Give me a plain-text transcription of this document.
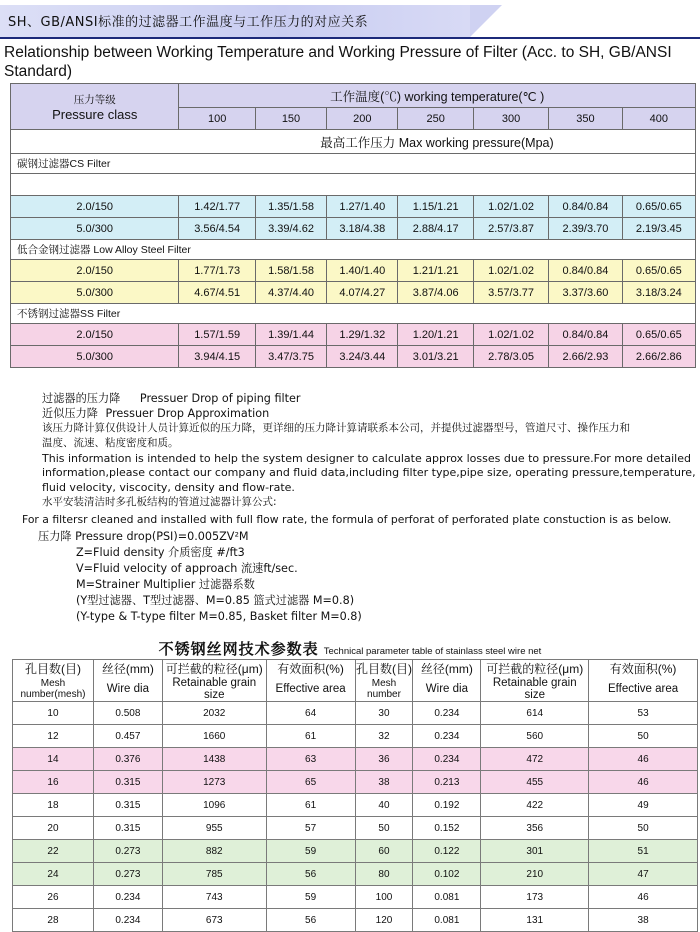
SH、GB/ANSI标准的过滤器工作温度与工作压力的对应关系
Relationship between Working Temperature and Working Pressure of Filter (Acc. to SH, GB/ANSI Standard)
压力等级
Pressure class	工作温度(℃) working temperature(℃ )						
	100	150	200	250	300	350	400
	最高工作压力 Max working pressure(Mpa)						
碳钢过滤器CS Filter							

2.0/150	1.42/1.77	1.35/1.58	1.27/1.40	1.15/1.21	1.02/1.02	0.84/0.84	0.65/0.65
5.0/300	3.56/4.54	3.39/4.62	3.18/4.38	2.88/4.17	2.57/3.87	2.39/3.70	2.19/3.45
低合金钢过滤器 Low Alloy Steel Filter							
2.0/150	1.77/1.73	1.58/1.58	1.40/1.40	1.21/1.21	1.02/1.02	0.84/0.84	0.65/0.65
5.0/300	4.67/4.51	4.37/4.40	4.07/4.27	3.87/4.06	3.57/3.77	3.37/3.60	3.18/3.24
不锈钢过滤器SS Filter							
2.0/150	1.57/1.59	1.39/1.44	1.29/1.32	1.20/1.21	1.02/1.02	0.84/0.84	0.65/0.65
5.0/300	3.94/4.15	3.47/3.75	3.24/3.44	3.01/3.21	2.78/3.05	2.66/2.93	2.66/2.86
过滤器的压力降 Pressuer Drop of piping filter
近似压力降 Pressuer Drop Approximation
该压力降计算仅供设计人员计算近似的压力降，更详细的压力降计算请联系本公司，并提供过滤器型号，管道尺寸、操作压力和
温度、流速、粘度密度和质。
This information is intended to help the system designer to calculate approx losses due to pressure.For more detailed
information,please contact our company and fluid data,including filter type,pipe size, operating pressure,temperature,
fluid velocity, viscocity, density and flow-rate.
水平安装清洁时多孔板结构的管道过滤器计算公式:
For a filtersr cleaned and installed with full flow rate, the formula of perforat of perforated plate constuction is as below.
压力降 Pressure drop(PSI)=0.005ZV²M
Z=Fluid density 介质密度 #/ft3
V=Fluid velocity of approach 流速ft/sec.
M=Strainer Multiplier 过滤器系数
(Y型过滤器、T型过滤器、M=0.85 篮式过滤器 M=0.8)
(Y-type & T-type filter M=0.85, Basket filter M=0.8)
不锈钢丝网技术参数表 Technical parameter table of stainlass steel wire net
孔目数(目)	丝径(mm)	可拦截的粒径(μm)	有效面积(%)	孔目数(目)	丝径(mm)	可拦截的粒径(μm)	有效面积(%)
Mesh number(mesh)	Wire dia	Retainable grain size	Effective area	Mesh number	Wire dia	Retainable grain size	Effective area
10	0.508	2032	64	30	0.234	614	53
12	0.457	1660	61	32	0.234	560	50
14	0.376	1438	63	36	0.234	472	46
16	0.315	1273	65	38	0.213	455	46
18	0.315	1096	61	40	0.192	422	49
20	0.315	955	57	50	0.152	356	50
22	0.273	882	59	60	0.122	301	51
24	0.273	785	56	80	0.102	210	47
26	0.234	743	59	100	0.081	173	46
28	0.234	673	56	120	0.081	131	38
